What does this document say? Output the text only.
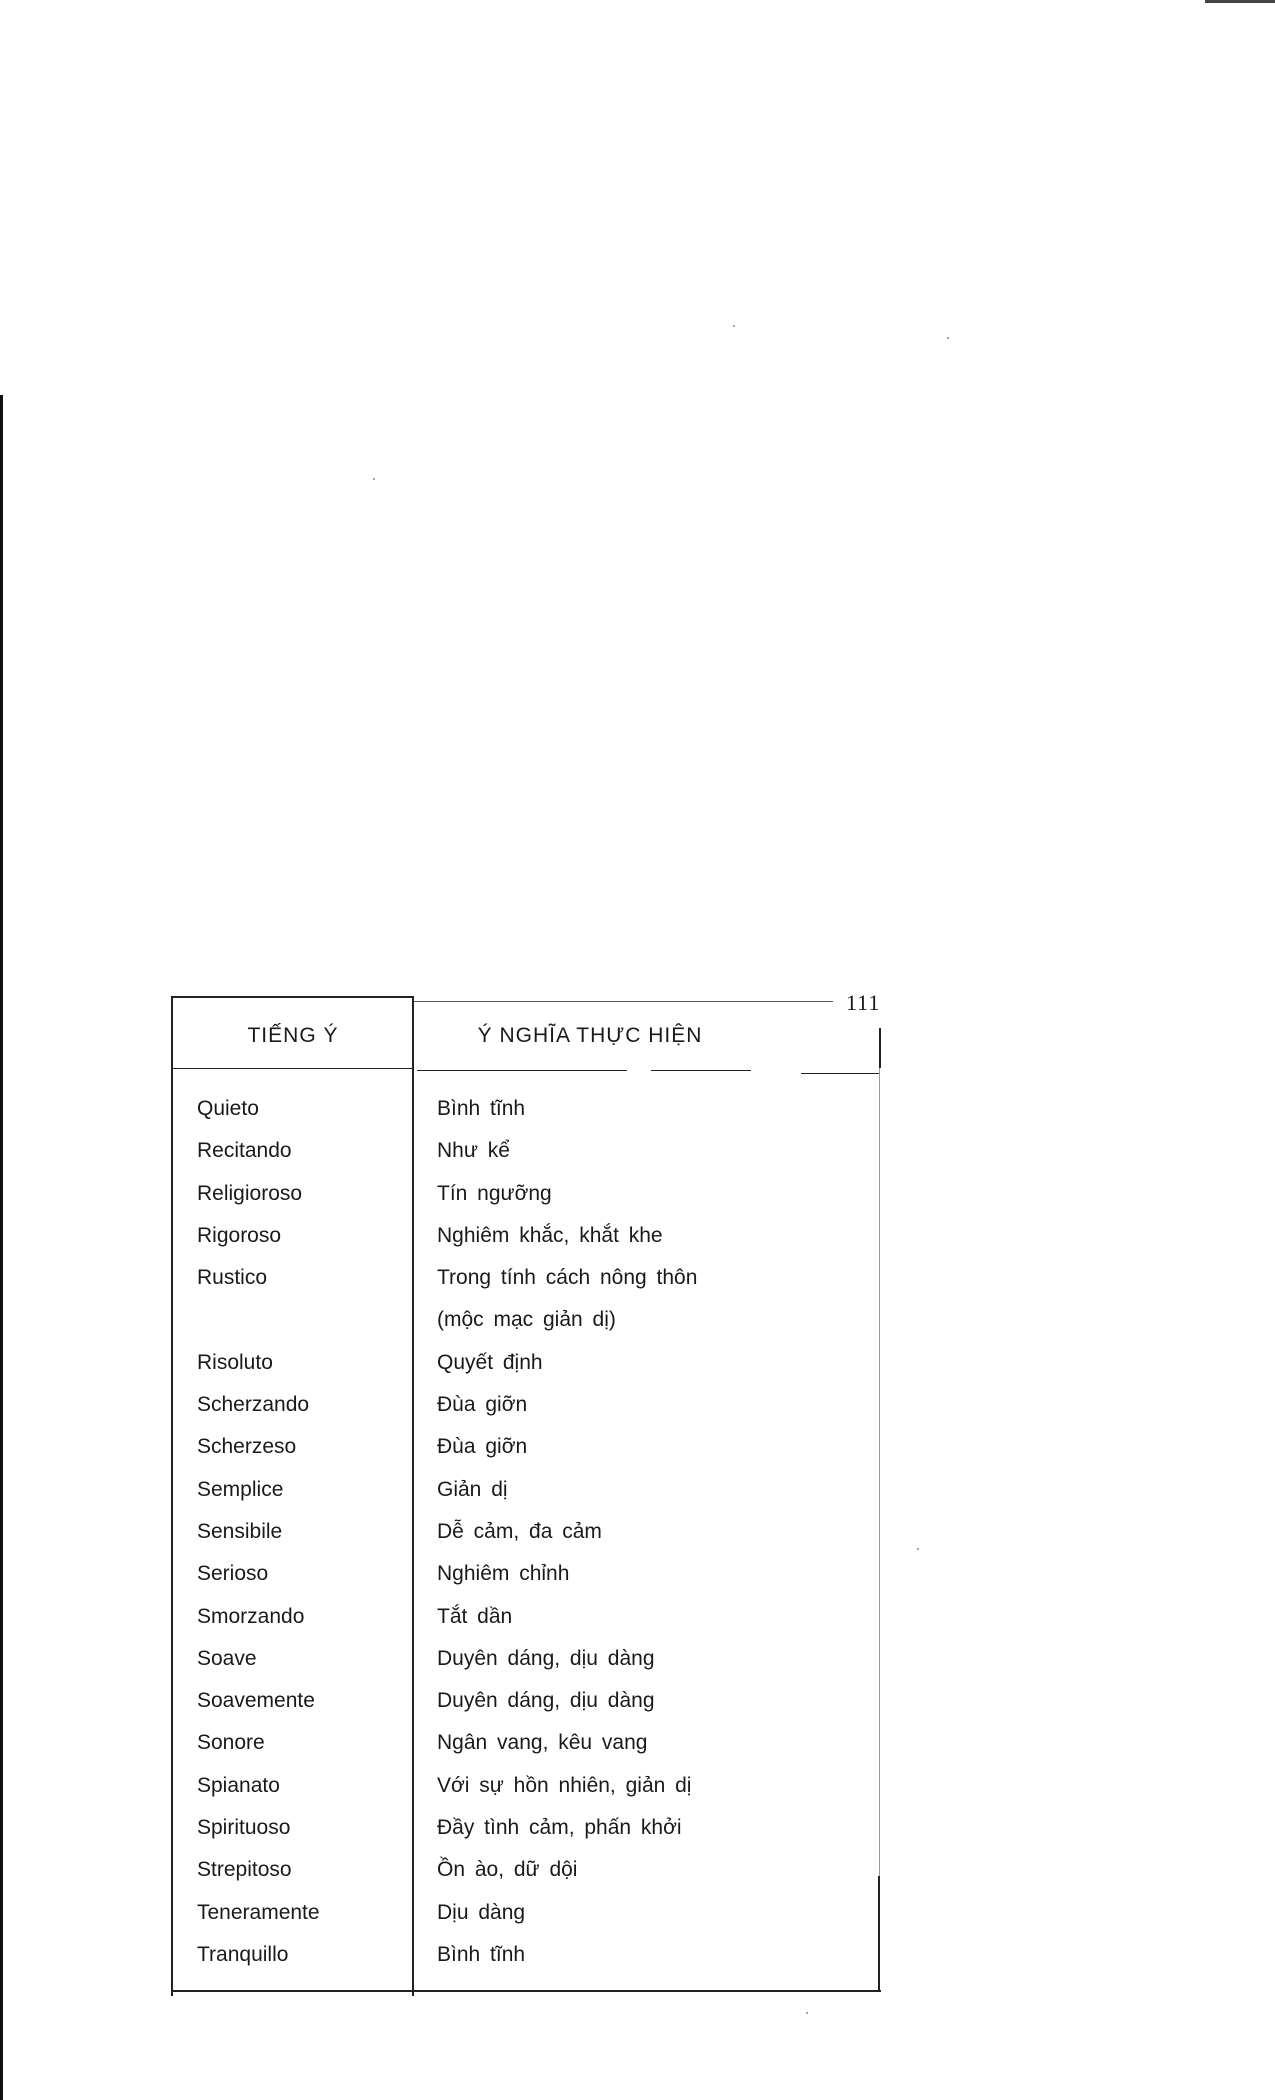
111
TIẾNG Ý	Ý NGHĨA THỰC HIỆN
Quieto	Bình tĩnh
Recitando	Như kể
Religioroso	Tín ngưỡng
Rigoroso	Nghiêm khắc, khắt khe
Rustico	Trong tính cách nông thôn
(mộc mạc giản dị)
Risoluto	Quyết định
Scherzando	Đùa giỡn
Scherzeso	Đùa giỡn
Semplice	Giản dị
Sensibile	Dễ cảm, đa cảm
Serioso	Nghiêm chỉnh
Smorzando	Tắt dần
Soave	Duyên dáng, dịu dàng
Soavemente	Duyên dáng, dịu dàng
Sonore	Ngân vang, kêu vang
Spianato	Với sự hồn nhiên, giản dị
Spirituoso	Đầy tình cảm, phấn khởi
Strepitoso	Ồn ào, dữ dội
Teneramente	Dịu dàng
Tranquillo	Bình tĩnh
